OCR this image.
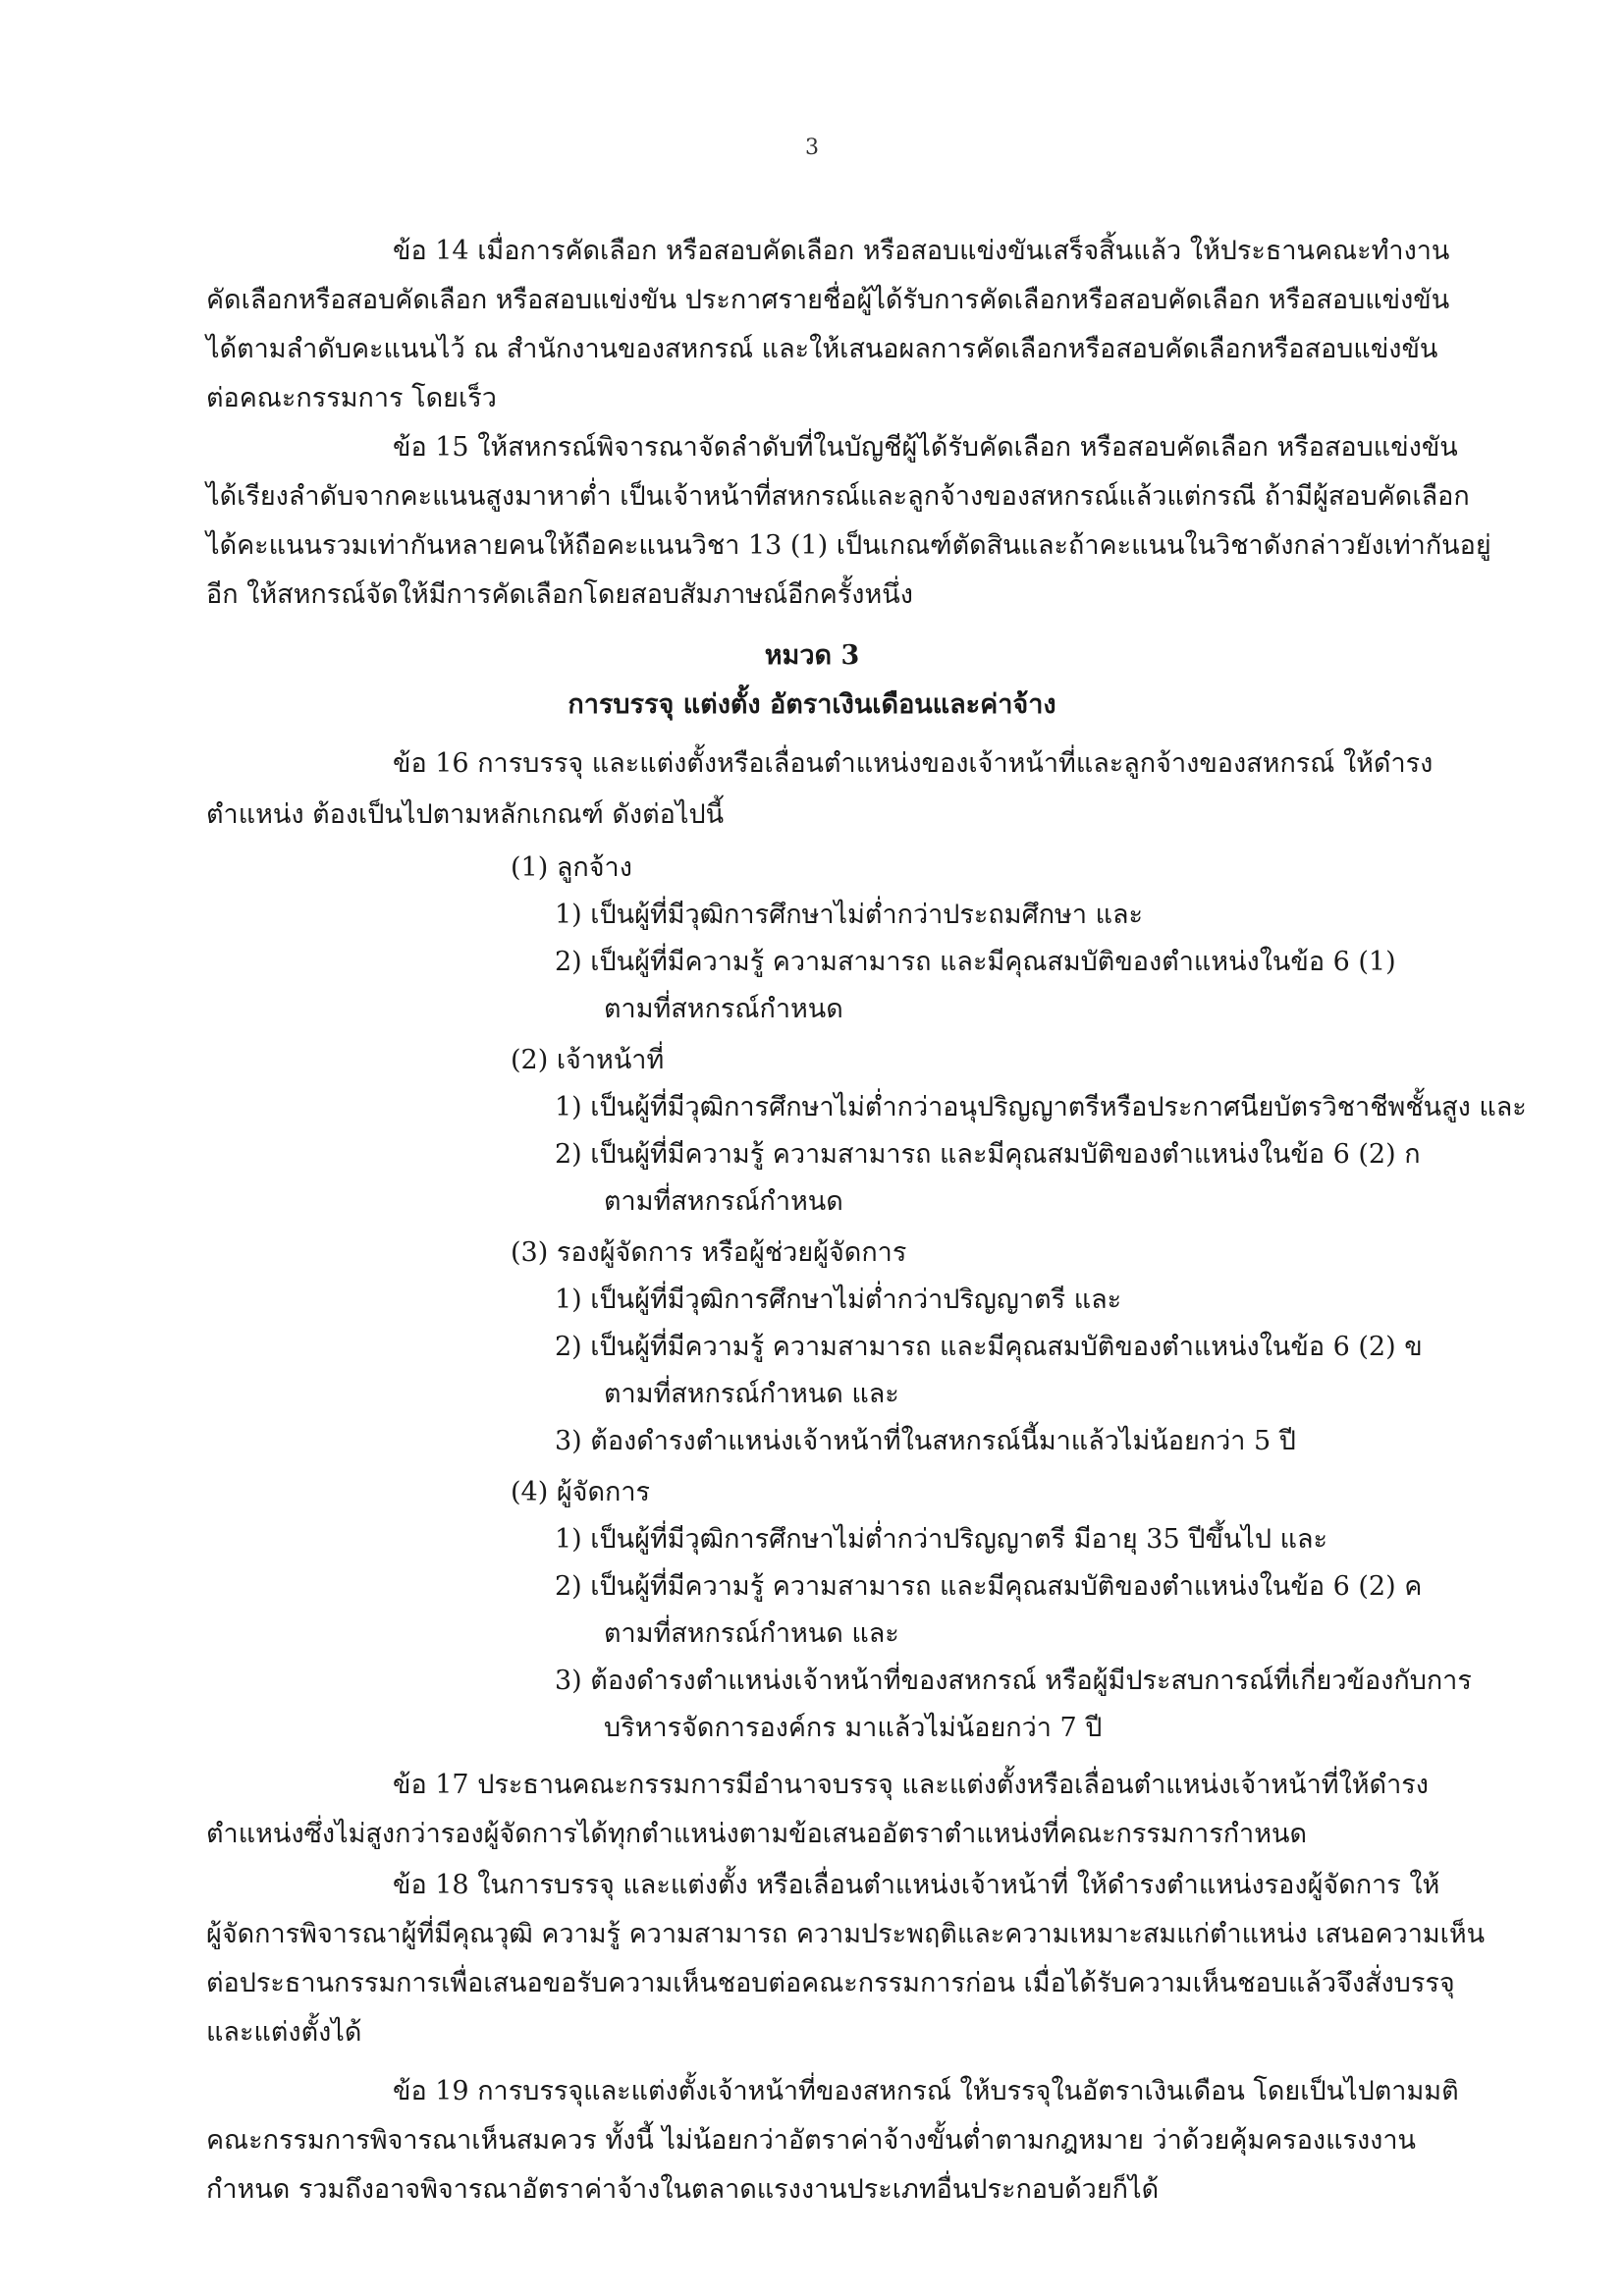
3
ข้อ 14 เมื่อการคัดเลือก หรือสอบคัดเลือก หรือสอบแข่งขันเสร็จสิ้นแล้ว ให้ประธานคณะทำงาน
คัดเลือกหรือสอบคัดเลือก หรือสอบแข่งขัน ประกาศรายชื่อผู้ได้รับการคัดเลือกหรือสอบคัดเลือก หรือสอบแข่งขัน
ได้ตามลำดับคะแนนไว้ ณ สำนักงานของสหกรณ์ และให้เสนอผลการคัดเลือกหรือสอบคัดเลือกหรือสอบแข่งขัน
ต่อคณะกรรมการ โดยเร็ว
ข้อ 15 ให้สหกรณ์พิจารณาจัดลำดับที่ในบัญชีผู้ได้รับคัดเลือก หรือสอบคัดเลือก หรือสอบแข่งขัน
ได้เรียงลำดับจากคะแนนสูงมาหาต่ำ เป็นเจ้าหน้าที่สหกรณ์และลูกจ้างของสหกรณ์แล้วแต่กรณี ถ้ามีผู้สอบคัดเลือก
ได้คะแนนรวมเท่ากันหลายคนให้ถือคะแนนวิชา 13 (1) เป็นเกณฑ์ตัดสินและถ้าคะแนนในวิชาดังกล่าวยังเท่ากันอยู่
อีก ให้สหกรณ์จัดให้มีการคัดเลือกโดยสอบสัมภาษณ์อีกครั้งหนึ่ง
หมวด 3
การบรรจุ แต่งตั้ง อัตราเงินเดือนและค่าจ้าง
ข้อ 16 การบรรจุ และแต่งตั้งหรือเลื่อนตำแหน่งของเจ้าหน้าที่และลูกจ้างของสหกรณ์ ให้ดำรง
ตำแหน่ง ต้องเป็นไปตามหลักเกณฑ์ ดังต่อไปนี้
(1) ลูกจ้าง
1) เป็นผู้ที่มีวุฒิการศึกษาไม่ต่ำกว่าประถมศึกษา และ
2) เป็นผู้ที่มีความรู้ ความสามารถ และมีคุณสมบัติของตำแหน่งในข้อ 6 (1)
ตามที่สหกรณ์กำหนด
(2) เจ้าหน้าที่
1) เป็นผู้ที่มีวุฒิการศึกษาไม่ต่ำกว่าอนุปริญญาตรีหรือประกาศนียบัตรวิชาชีพชั้นสูง และ
2) เป็นผู้ที่มีความรู้ ความสามารถ และมีคุณสมบัติของตำแหน่งในข้อ 6 (2) ก
ตามที่สหกรณ์กำหนด
(3) รองผู้จัดการ หรือผู้ช่วยผู้จัดการ
1) เป็นผู้ที่มีวุฒิการศึกษาไม่ต่ำกว่าปริญญาตรี และ
2) เป็นผู้ที่มีความรู้ ความสามารถ และมีคุณสมบัติของตำแหน่งในข้อ 6 (2) ข
ตามที่สหกรณ์กำหนด และ
3) ต้องดำรงตำแหน่งเจ้าหน้าที่ในสหกรณ์นี้มาแล้วไม่น้อยกว่า 5 ปี
(4) ผู้จัดการ
1) เป็นผู้ที่มีวุฒิการศึกษาไม่ต่ำกว่าปริญญาตรี มีอายุ 35 ปีขึ้นไป และ
2) เป็นผู้ที่มีความรู้ ความสามารถ และมีคุณสมบัติของตำแหน่งในข้อ 6 (2) ค
ตามที่สหกรณ์กำหนด และ
3) ต้องดำรงตำแหน่งเจ้าหน้าที่ของสหกรณ์ หรือผู้มีประสบการณ์ที่เกี่ยวข้องกับการ
บริหารจัดการองค์กร มาแล้วไม่น้อยกว่า 7 ปี
ข้อ 17 ประธานคณะกรรมการมีอำนาจบรรจุ และแต่งตั้งหรือเลื่อนตำแหน่งเจ้าหน้าที่ให้ดำรง
ตำแหน่งซึ่งไม่สูงกว่ารองผู้จัดการได้ทุกตำแหน่งตามข้อเสนออัตราตำแหน่งที่คณะกรรมการกำหนด
ข้อ 18 ในการบรรจุ และแต่งตั้ง หรือเลื่อนตำแหน่งเจ้าหน้าที่ ให้ดำรงตำแหน่งรองผู้จัดการ ให้
ผู้จัดการพิจารณาผู้ที่มีคุณวุฒิ ความรู้ ความสามารถ ความประพฤติและความเหมาะสมแก่ตำแหน่ง เสนอความเห็น
ต่อประธานกรรมการเพื่อเสนอขอรับความเห็นชอบต่อคณะกรรมการก่อน เมื่อได้รับความเห็นชอบแล้วจึงสั่งบรรจุ
และแต่งตั้งได้
ข้อ 19 การบรรจุและแต่งตั้งเจ้าหน้าที่ของสหกรณ์ ให้บรรจุในอัตราเงินเดือน โดยเป็นไปตามมติ
คณะกรรมการพิจารณาเห็นสมควร ทั้งนี้ ไม่น้อยกว่าอัตราค่าจ้างขั้นต่ำตามกฎหมาย ว่าด้วยคุ้มครองแรงงาน
กำหนด รวมถึงอาจพิจารณาอัตราค่าจ้างในตลาดแรงงานประเภทอื่นประกอบด้วยก็ได้
